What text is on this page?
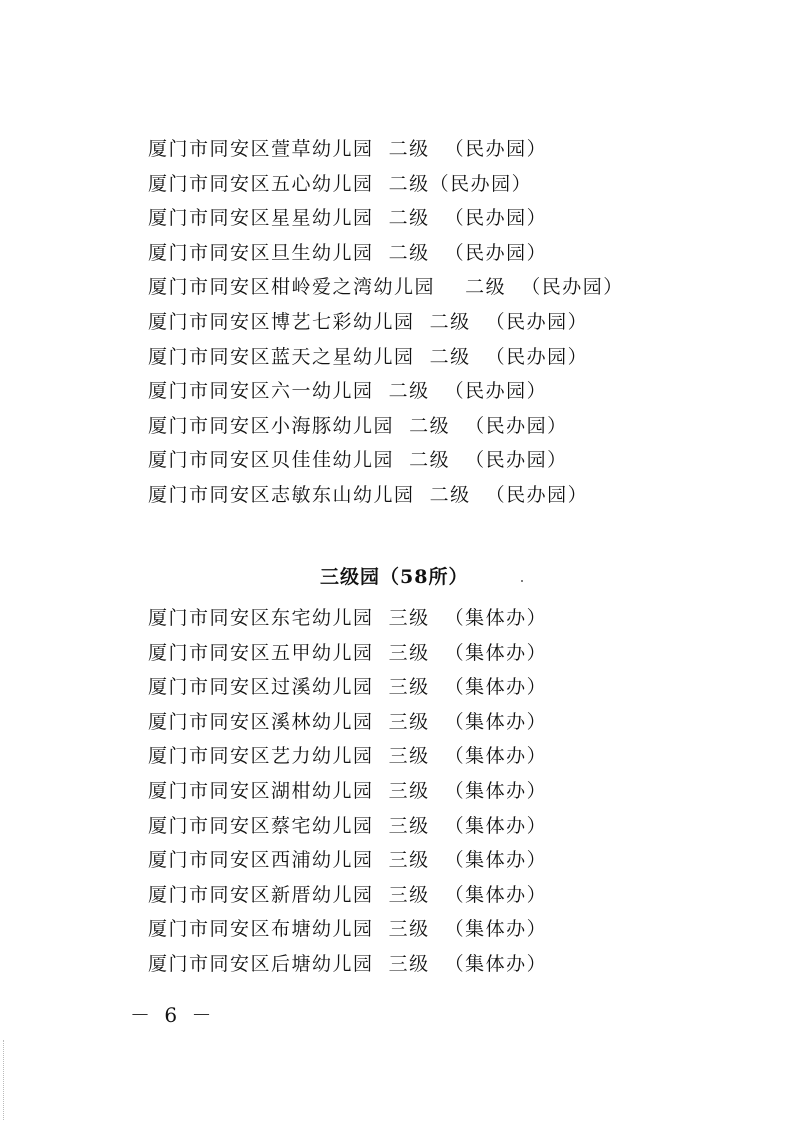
厦门市同安区萱草幼儿园  二级  （民办园）
厦门市同安区五心幼儿园  二级（民办园）
厦门市同安区星星幼儿园  二级  （民办园）
厦门市同安区旦生幼儿园  二级  （民办园）
厦门市同安区柑岭爱之湾幼儿园    二级  （民办园）
厦门市同安区博艺七彩幼儿园  二级  （民办园）
厦门市同安区蓝天之星幼儿园  二级  （民办园）
厦门市同安区六一幼儿园  二级  （民办园）
厦门市同安区小海豚幼儿园  二级  （民办园）
厦门市同安区贝佳佳幼儿园  二级  （民办园）
厦门市同安区志敏东山幼儿园  二级  （民办园）
三级园（58所）
厦门市同安区东宅幼儿园  三级  （集体办）
厦门市同安区五甲幼儿园  三级  （集体办）
厦门市同安区过溪幼儿园  三级  （集体办）
厦门市同安区溪林幼儿园  三级  （集体办）
厦门市同安区艺力幼儿园  三级  （集体办）
厦门市同安区湖柑幼儿园  三级  （集体办）
厦门市同安区蔡宅幼儿园  三级  （集体办）
厦门市同安区西浦幼儿园  三级  （集体办）
厦门市同安区新厝幼儿园  三级  （集体办）
厦门市同安区布塘幼儿园  三级  （集体办）
厦门市同安区后塘幼儿园  三级  （集体办）
－ 6 －
